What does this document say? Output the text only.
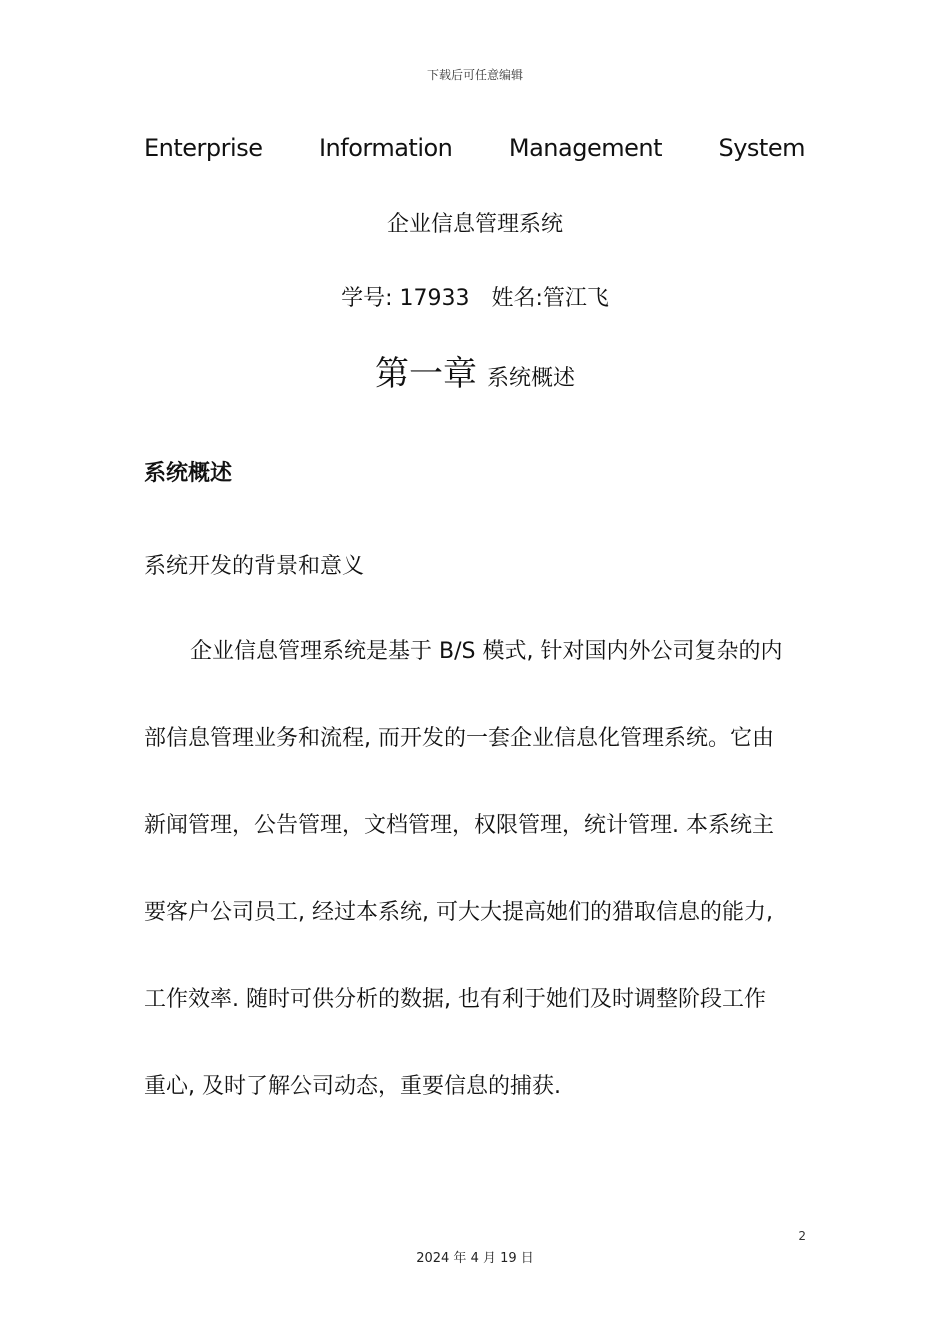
下载后可任意编辑
Enterprise Information Management System
企业信息管理系统
学号: 17933 姓名:管江飞
第一章 系统概述
系统概述
系统开发的背景和意义
企业信息管理系统是基于 B/S 模式, 针对国内外公司复杂的内
部信息管理业务和流程, 而开发的一套企业信息化管理系统。它由
新闻管理，公告管理，文档管理，权限管理，统计管理. 本系统主
要客户公司员工, 经过本系统, 可大大提高她们的猎取信息的能力,
工作效率. 随时可供分析的数据, 也有利于她们及时调整阶段工作
重心, 及时了解公司动态，重要信息的捕获.
2
2024 年 4 月 19 日
